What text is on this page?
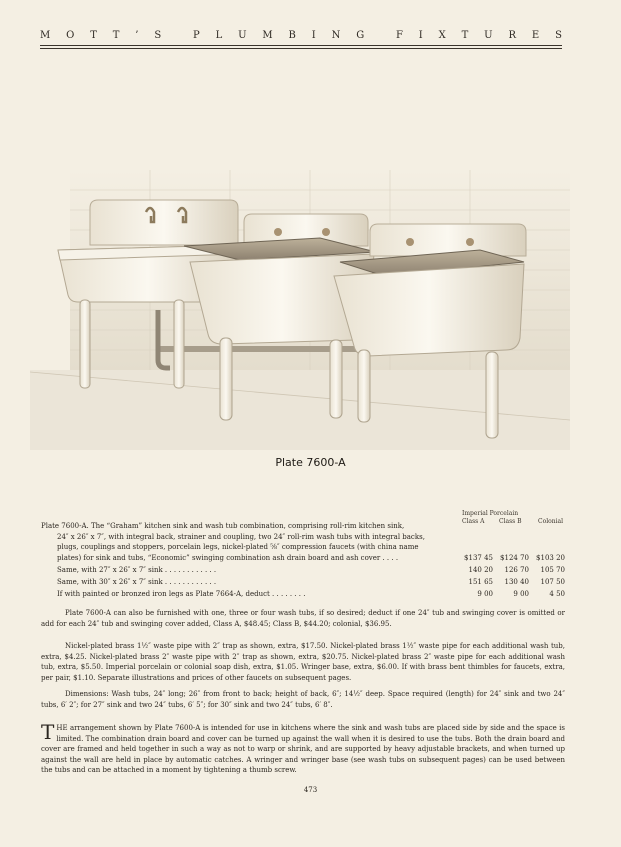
M O T T ’ S	P L U M B I N G	F I X T U R E S
Plate 7600-A
Imperial Porcelain
Class A Class B	Colonial
Plate 7600-A. The “Graham” kitchen sink and wash tub combination, comprising roll-rim kitchen sink,
24″ x 26″ x 7″, with integral back, strainer and coupling, two 24″ roll-rim wash tubs with integral backs,
plugs, couplings and stoppers, porcelain legs, nickel-plated ⅝″ compression faucets (with china name
plates) for sink and tubs, “Economic” swinging combination ash drain board and ash cover . . . .	$137 45	$124 70	$103 20
Same, with 27″ x 26″ x 7″ sink . . . . . . . . . . . .	140 20	126 70	105 70
Same, with 30″ x 26″ x 7″ sink . . . . . . . . . . . .	151 65	130 40	107 50
If with painted or bronzed iron legs as Plate 7664-A, deduct . . . . . . . .	9 00	9 00	4 50
Plate 7600-A can also be furnished with one, three or four wash tubs, if so desired; deduct if one 24″ tub and swinging cover is omitted or add for each 24″ tub and swinging cover added, Class A, $48.45; Class B, $44.20; colonial, $36.95.
Nickel-plated brass 1½″ waste pipe with 2″ trap as shown, extra, $17.50. Nickel-plated brass 1½″ waste pipe for each additional wash tub, extra, $4.25. Nickel-plated brass 2″ waste pipe with 2″ trap as shown, extra, $20.75. Nickel-plated brass 2″ waste pipe for each additional wash tub, extra, $5.50. Imperial porcelain or colonial soap dish, extra, $1.05. Wringer base, extra, $6.00. If with brass bent thimbles for faucets, extra, per pair, $1.10. Separate illustrations and prices of other faucets on subsequent pages.
Dimensions: Wash tubs, 24″ long; 26″ from front to back; height of back, 6″; 14½″ deep. Space required (length) for 24″ sink and two 24″ tubs, 6′ 2″; for 27″ sink and two 24″ tubs, 6′ 5″; for 30″ sink and two 24″ tubs, 6′ 8″.
T HE arrangement shown by Plate 7600-A is intended for use in kitchens where the sink and wash tubs are placed side by side and the space is limited. The combination drain board and cover can be turned up against the wall when it is desired to use the tubs. Both the drain board and cover are framed and held together in such a way as not to warp or shrink, and are supported by heavy adjustable brackets, and when turned up against the wall are held in place by automatic catches. A wringer and wringer base (see wash tubs on subsequent pages) can be used between the tubs and can be attached in a moment by tightening a thumb screw.
473
